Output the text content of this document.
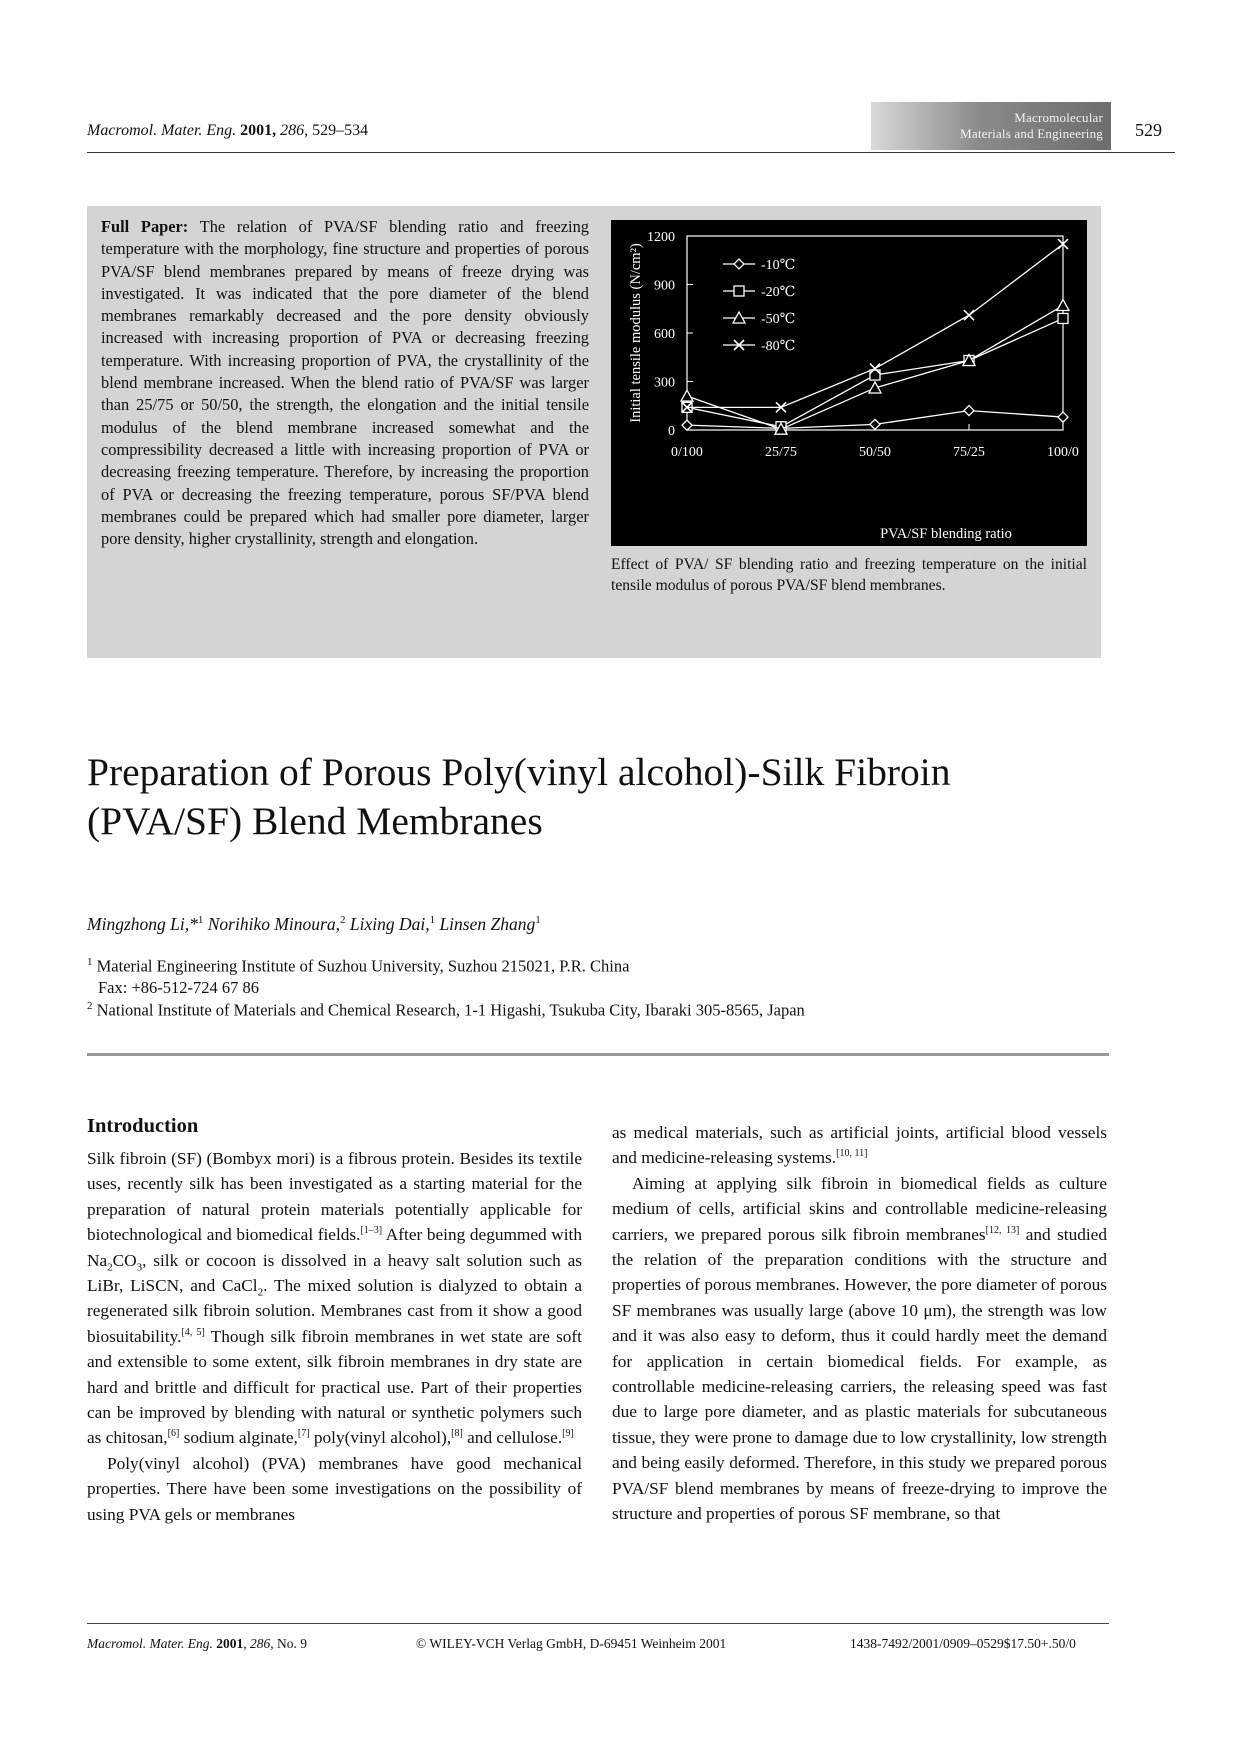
Macromol. Mater. Eng. 2001, 286, 529–534
Macromolecular
Materials and Engineering 529
Full Paper: The relation of PVA/SF blending ratio and freezing temperature with the morphology, fine structure and properties of porous PVA/SF blend membranes prepared by means of freeze drying was investigated. It was indicated that the pore diameter of the blend membranes remarkably decreased and the pore density obviously increased with increasing proportion of PVA or decreasing freezing temperature. With increasing proportion of PVA, the crystallinity of the blend membrane increased. When the blend ratio of PVA/SF was larger than 25/75 or 50/50, the strength, the elongation and the initial tensile modulus of the blend membrane increased somewhat and the compressibility decreased a little with increasing proportion of PVA or decreasing freezing temperature. Therefore, by increasing the proportion of PVA or decreasing the freezing temperature, porous SF/PVA blend membranes could be prepared which had smaller pore diameter, larger pore density, higher crystallinity, strength and elongation.
0
300
600
900
1200
0/100	25/75	50/50	75/25	100/0
PVA/SF blending ratio
Initial tensile modulus (N/cm²)	-10℃
-20℃
-50℃
-80℃
Effect of PVA/ SF blending ratio and freezing temperature on the initial tensile modulus of porous PVA/SF blend membranes.
Preparation of Porous Poly(vinyl alcohol)-Silk Fibroin
(PVA/SF) Blend Membranes
Mingzhong Li,*$^1$ Norihiko Minoura,$^2$ Lixing Dai,$^1$ Linsen Zhang$^1$
$^1$ Material Engineering Institute of Suzhou University, Suzhou 215021, P.R. China
Fax: +86-512-724 67 86
$^2$ National Institute of Materials and Chemical Research, 1-1 Higashi, Tsukuba City, Ibaraki 305-8565, Japan
Introduction

Silk fibroin (SF) (Bombyx mori) is a fibrous protein. Besides its textile uses, recently silk has been investigated as a starting material for the preparation of natural protein materials potentially applicable for biotechnological and biomedical fields.[1–3] After being degummed with $Na_2CO_3$, silk or cocoon is dissolved in a heavy salt solution such as LiBr, LiSCN, and CaCl$_2$. The mixed solution is dialyzed to obtain a regenerated silk fibroin solution. Membranes cast from it show a good biosuitability.[4, 5] Though silk fibroin membranes in wet state are soft and extensible to some extent, silk fibroin membranes in dry state are hard and brittle and difficult for practical use. Part of their properties can be improved by blending with natural or synthetic polymers such as chitosan,[6] sodium alginate,[7] poly(vinyl alcohol),[8] and cellulose.[9]

Poly(vinyl alcohol) (PVA) membranes have good mechanical properties. There have been some investigations on the possibility of using PVA gels or membranes

as medical materials, such as artificial joints, artificial blood vessels and medicine-releasing systems.[10, 11]

Aiming at applying silk fibroin in biomedical fields as culture medium of cells, artificial skins and controllable medicine-releasing carriers, we prepared porous silk fibroin membranes[12, 13] and studied the relation of the preparation conditions with the structure and properties of porous membranes. However, the pore diameter of porous SF membranes was usually large (above 10 μm), the strength was low and it was also easy to deform, thus it could hardly meet the demand for application in certain biomedical fields. For example, as controllable medicine-releasing carriers, the releasing speed was fast due to large pore diameter, and as plastic materials for subcutaneous tissue, they were prone to damage due to low crystallinity, low strength and being easily deformed. Therefore, in this study we prepared porous PVA/SF blend membranes by means of freeze-drying to improve the structure and properties of porous SF membrane, so that

Macromol. Mater. Eng. 2001, 286, No. 9	© WILEY-VCH Verlag GmbH, D-69451 Weinheim 2001	1438-7492/2001/0909–0529$17.50+.50/0
